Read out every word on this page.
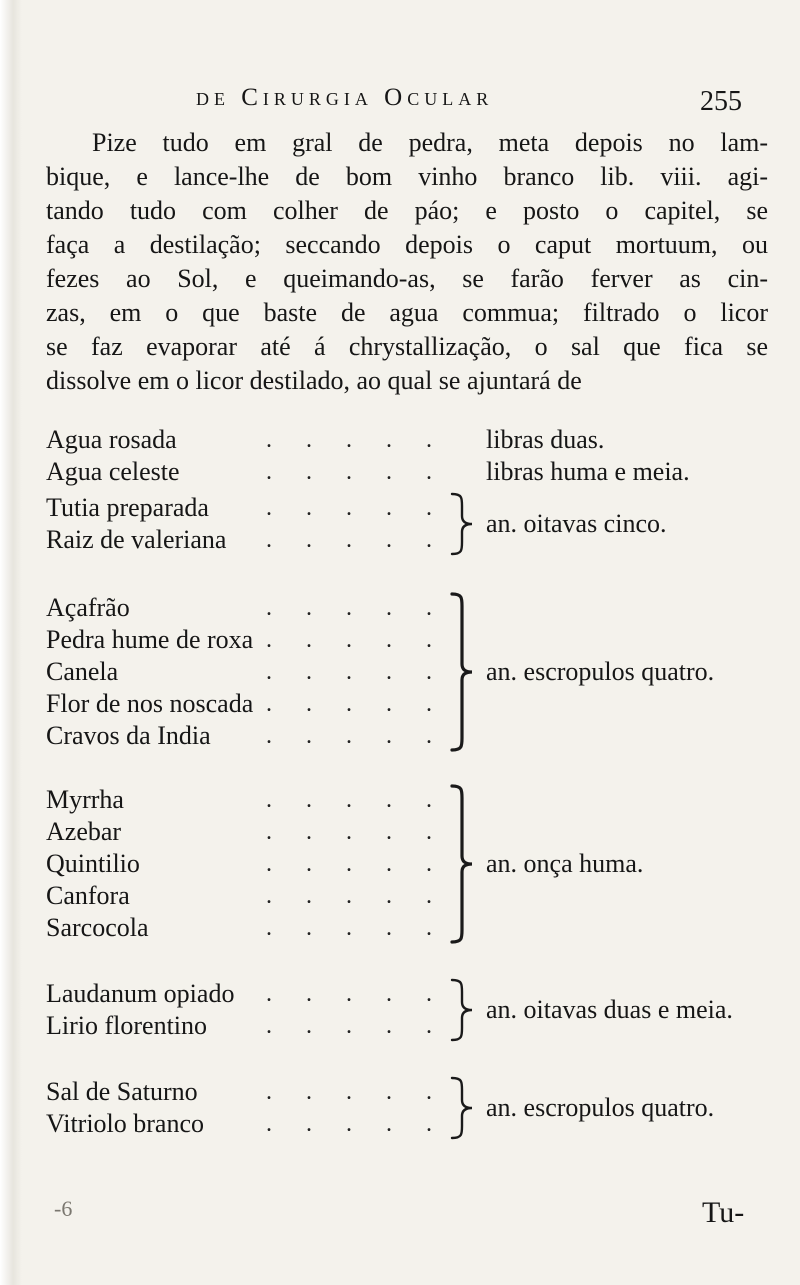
de Cirurgia Ocular	255
Pize tudo em gral de pedra, meta depois no lam-
bique, e lance-lhe de bom vinho branco lib. viii. agi-
tando tudo com colher de páo; e posto o capitel, se
faça a destilação; seccando depois o caput mortuum, ou
fezes ao Sol, e queimando-as, se farão ferver as cin-
zas, em o que baste de agua commua; filtrado o licor
se faz evaporar até á chrystallização, o sal que fica se
dissolve em o licor destilado, ao qual se ajuntará de
Agua rosada	. . . . . libras duas.
Agua celeste	. . . . . libras huma e meia.
Tutia preparada . . . . .
Raiz de valeriana . . . . .
an. oitavas cinco.
Açafrão	. . . . .
Pedra hume de roxa . . . . .
Canela	. . . . .
Flor de nos noscada . . . . .
Cravos da India . . . . .
an. escropulos quatro.
Myrrha	. . . . .
Azebar	. . . . .
Quintilio	. . . . .
Canfora	. . . . .
Sarcocola	. . . . .
an. onça huma.
Laudanum opiado . . . . .
Lirio florentino . . . . .
an. oitavas duas e meia.
Sal de Saturno	. . . . .
Vitriolo branco	. . . . .
an. escropulos quatro.
-6	Tu-
